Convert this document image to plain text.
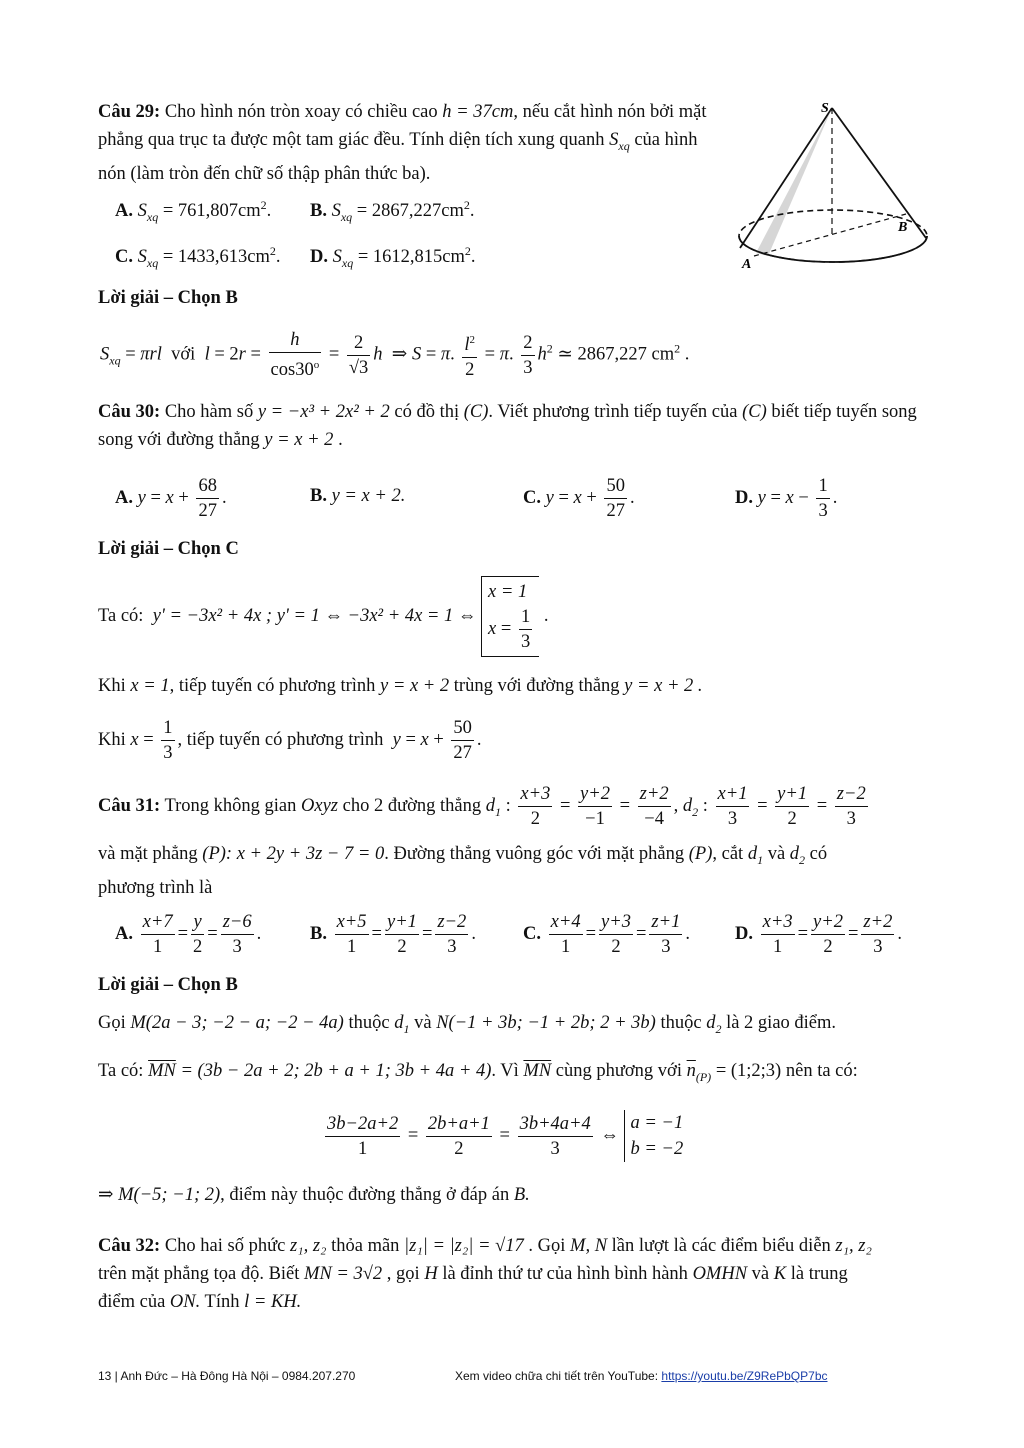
Câu 29: Cho hình nón tròn xoay có chiều cao h = 37cm, nếu cắt hình nón bởi mặt phẳng qua trục ta được một tam giác đều. Tính diện tích xung quanh $S_{xq}$ của hình nón (làm tròn đến chữ số thập phân thức ba).
S
B
A
A. $S_{xq} = 761,807cm^2$. B. $S_{xq} = 2867,227cm^2$.
C. $S_{xq} = 1433,613cm^2$. D. $S_{xq} = 1612,815cm^2$.
Lời giải – Chọn B
$S_{xq} = \pi rl$ với $l = 2r = \frac{h}{\cos 30^o} = \frac{2}{√3}$ h  ⇒ S = π. $\frac{l^2}{2} = \pi$. $\frac{2}{3} h^2$ ≃ 2867,227 $cm^2$ .
Câu 30: Cho hàm số y = −x³ + 2x² + 2 có đồ thị (C). Viết phương trình tiếp tuyến của (C) biết tiếp tuyến song song với đường thẳng y = x + 2 .
A. $y = x + \frac{68}{27}$ .	B. y = x + 2.	C. $y = x + \frac{50}{27}$ .	D. $y = x - \frac{1}{3}$ .
Lời giải – Chọn C
Ta có: y' = −3x² + 4x ; y' = 1 ⇔ −3x² + 4x = 1 ⇔
x = 1
$x = \frac{1}{3}$ .
Khi x = 1, tiếp tuyến có phương trình y = x + 2 trùng với đường thẳng y = x + 2 .
Khi $x = \frac{1}{3}$ , tiếp tuyến có phương trình  $y = x + \frac{50}{27}$ .
Câu 31: Trong không gian Oxyz cho 2 đường thẳng $d_1$ : $\frac{x+3}{2} = \frac{y+2}{-1} = \frac{z+2}{-4}$ , $d_2$ : $\frac{x+1}{3} = \frac{y+1}{2} = \frac{z-2}{3}$
và mặt phẳng (P): x + 2y + 3z − 7 = 0. Đường thẳng vuông góc với mặt phẳng (P), cắt $d_1$ và $d_2$ có
phương trình là
A. $\frac{x+7}{1} = \frac{y}{2} = \frac{z-6}{3}$ .	B. $\frac{x+5}{1} = \frac{y+1}{2} = \frac{z-2}{3}$ .	C. $\frac{x+4}{1} = \frac{y+3}{2} = \frac{z+1}{3}$ . D. $\frac{x+3}{1} = \frac{y+2}{2} = \frac{z+2}{3}$ .
Lời giải – Chọn B
Gọi M(2a − 3; −2 − a; −2 − 4a) thuộc $d_1$ và N(−1 + 3b; −1 + 2b; 2 + 3b) thuộc $d_2$ là 2 giao điểm.
Ta có: $\overline{MN} = (3b - 2a + 2$; 2b + a + 1; 3b + 4a + 4). Vì $\overline{MN}$ cùng phương với $\overline{n}_{(P)}$ = (1;2;3) nên ta có:
$\frac{3b-2a+2}{1} = \frac{2b+a+1}{2} = \frac{3b+4a+4}{3}$ ⇔
a = −1
b = −2
⇒ M(−5; −1; 2), điểm này thuộc đường thẳng ở đáp án B.
Câu 32: Cho hai số phức z₁, z₂ thỏa mãn |z₁| = |z₂| = √17 . Gọi M, N lần lượt là các điểm biểu diễn z₁, z₂
trên mặt phẳng tọa độ. Biết MN = 3√2 , gọi H là đỉnh thứ tư của hình bình hành OMHN và K là trung
điểm của ON. Tính l = KH.
13 | Anh Đức – Hà Đông Hà Nội – 0984.207.270	Xem video chữa chi tiết trên YouTube: https://youtu.be/Z9RePbQP7bc
